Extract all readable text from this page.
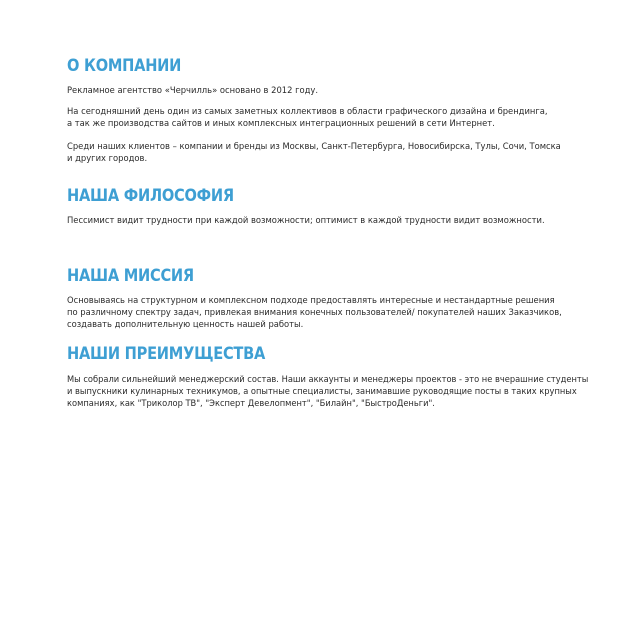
О КОМПАНИИ
Рекламное агентство «Черчилль» основано в 2012 году.
На сегодняшний день один из самых заметных коллективов в области графического дизайна и брендинга,
а так же производства сайтов и иных комплексных интеграционных решений в сети Интернет.
Среди наших клиентов – компании и бренды из Москвы, Санкт-Петербурга, Новосибирска, Тулы, Сочи, Томска
и других городов.
НАША ФИЛОСОФИЯ
Пессимист видит трудности при каждой возможности; оптимист в каждой трудности видит возможности.
НАША МИССИЯ
Основываясь на структурном и комплексном подходе предоставлять интересные и нестандартные решения
по различному спектру задач, привлекая внимания конечных пользователей/ покупателей наших Заказчиков,
создавать дополнительную ценность нашей работы.
НАШИ ПРЕИМУЩЕСТВА
Мы собрали сильнейший менеджерский состав. Наши аккаунты и менеджеры проектов - это не вчерашние студенты
и выпускники кулинарных техникумов, а опытные специалисты, занимавшие руководящие посты в таких крупных
компаниях, как "Триколор ТВ", "Эксперт Девелопмент", "Билайн", "БыстроДеньги".
